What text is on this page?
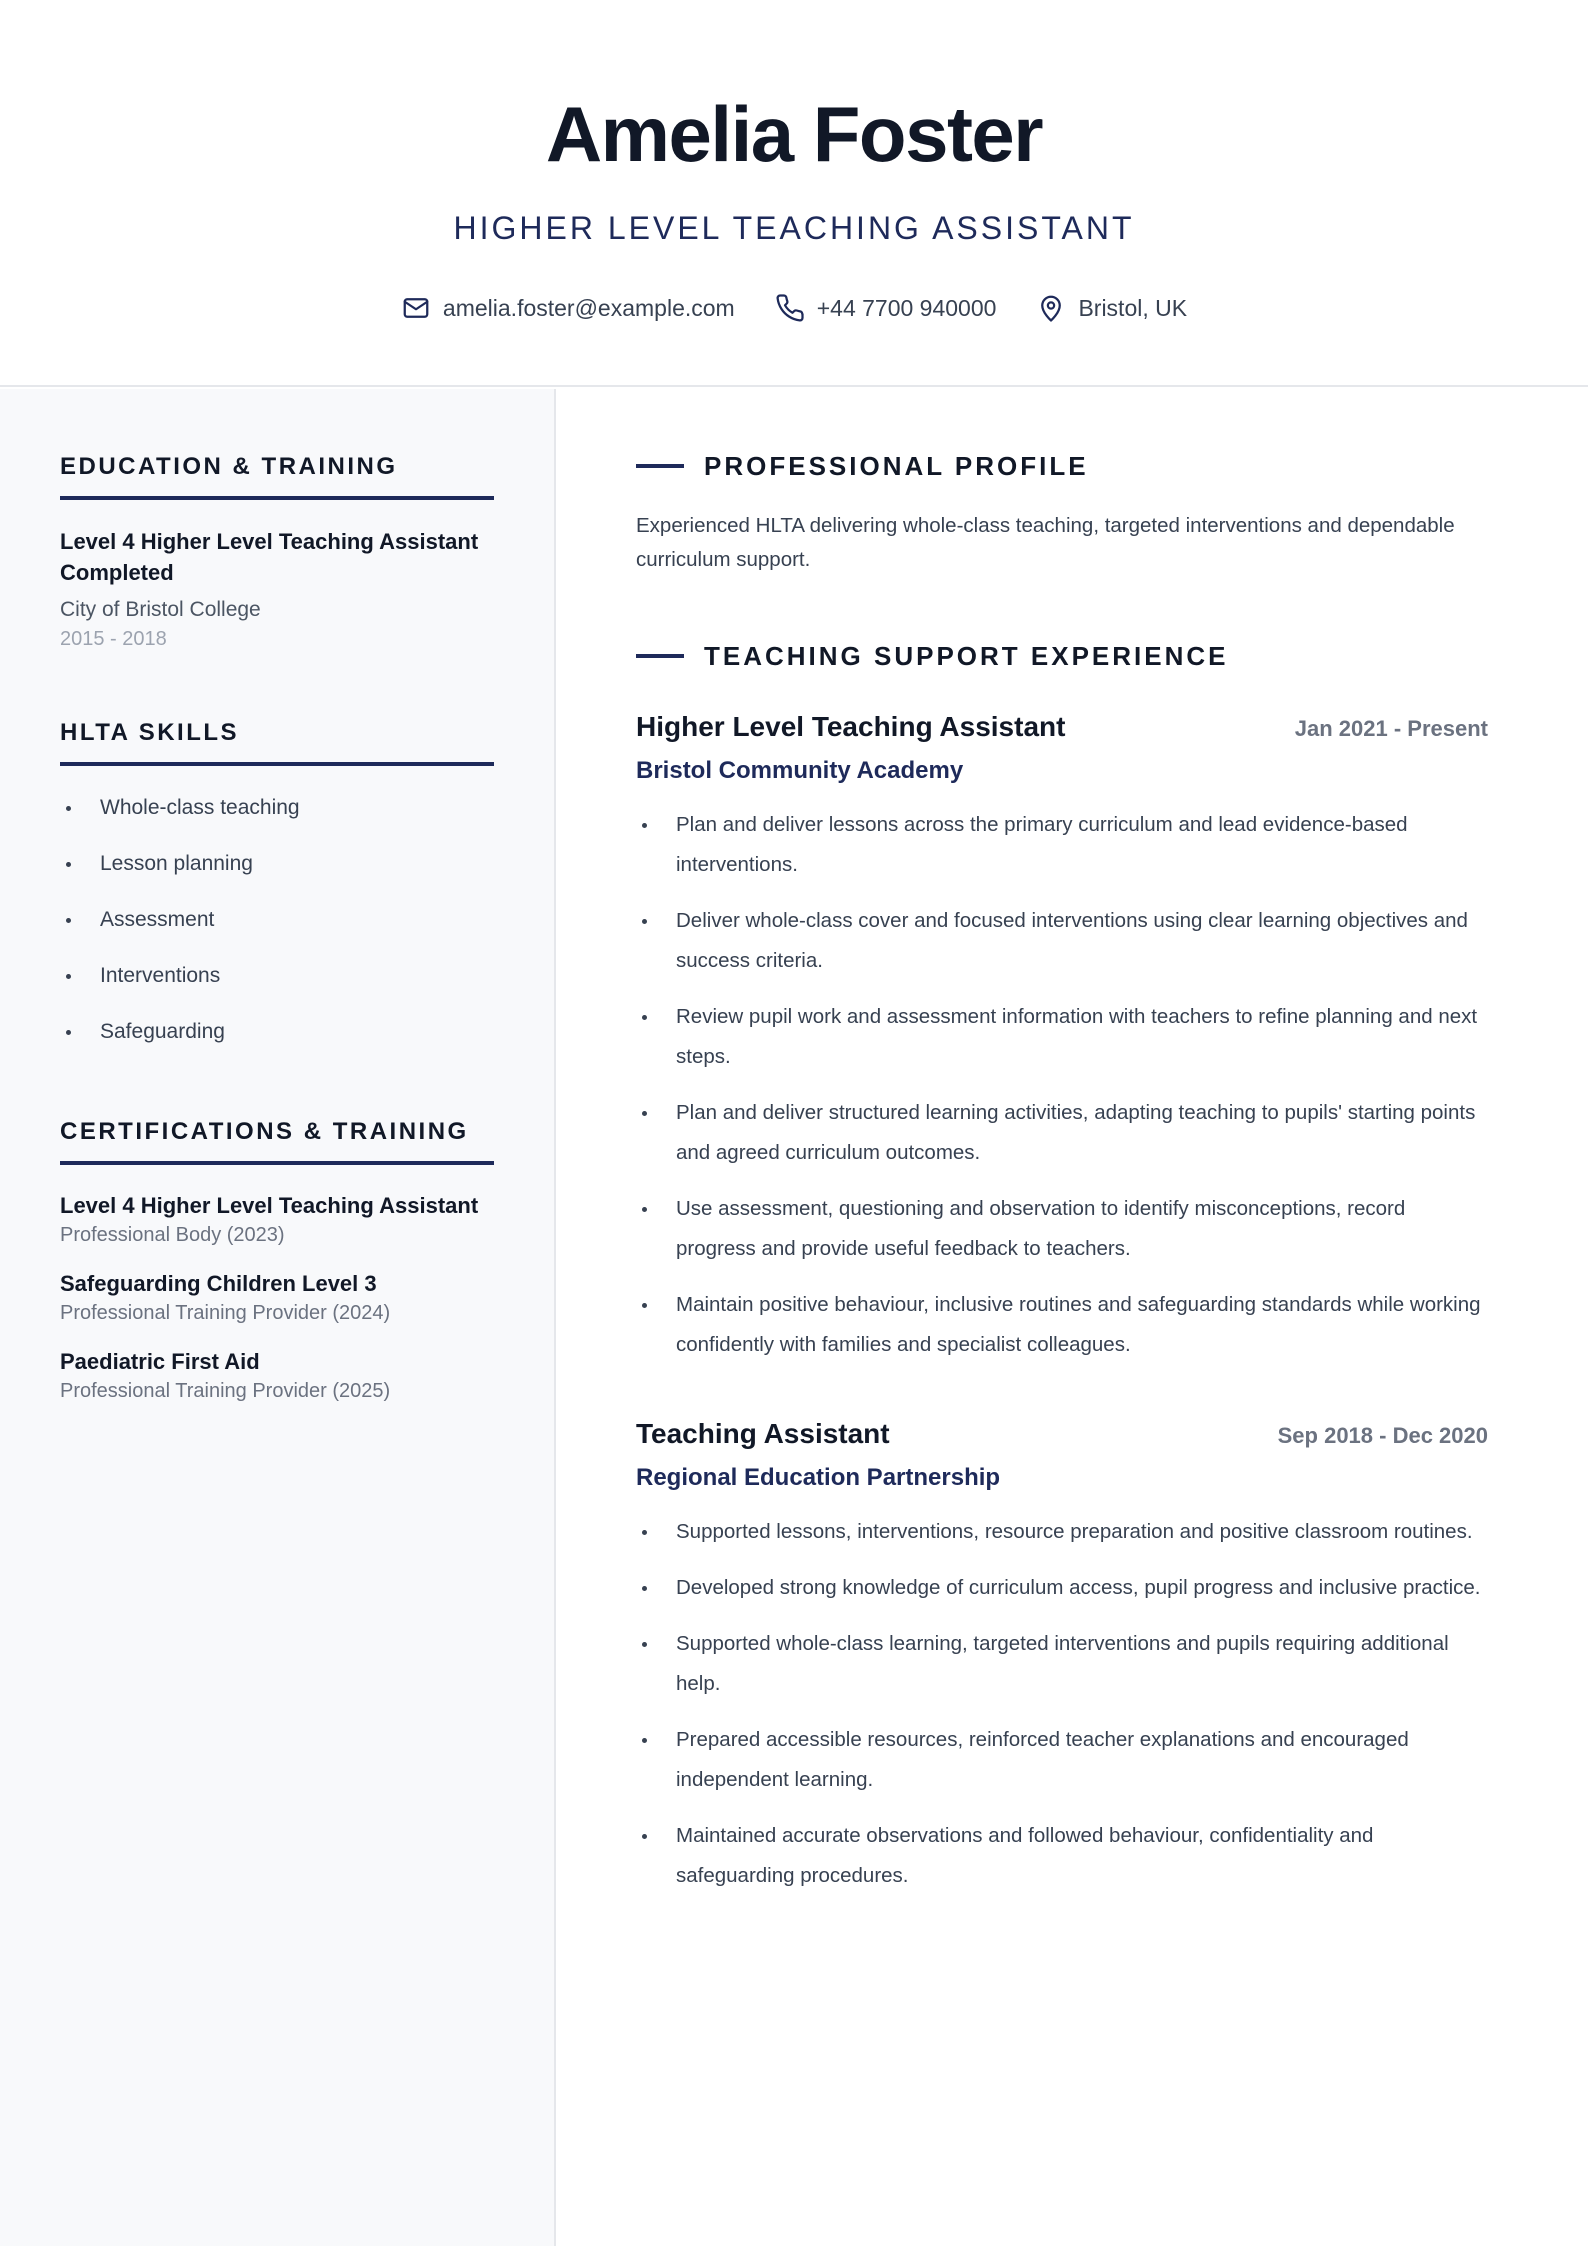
Amelia Foster
HIGHER LEVEL TEACHING ASSISTANT
amelia.foster@example.com	+44 7700 940000	Bristol, UK
EDUCATION & TRAINING
Level 4 Higher Level Teaching Assistant Completed
City of Bristol College
2015 - 2018
HLTA SKILLS
Whole-class teaching
Lesson planning
Assessment
Interventions
Safeguarding
CERTIFICATIONS & TRAINING
Level 4 Higher Level Teaching Assistant
Professional Body (2023)
Safeguarding Children Level 3
Professional Training Provider (2024)
Paediatric First Aid
Professional Training Provider (2025)
PROFESSIONAL PROFILE
Experienced HLTA delivering whole-class teaching, targeted interventions and dependable curriculum support.
TEACHING SUPPORT EXPERIENCE
Higher Level Teaching Assistant	Jan 2021 - Present
Bristol Community Academy
Plan and deliver lessons across the primary curriculum and lead evidence-based interventions.
Deliver whole-class cover and focused interventions using clear learning objectives and success criteria.
Review pupil work and assessment information with teachers to refine planning and next steps.
Plan and deliver structured learning activities, adapting teaching to pupils' starting points and agreed curriculum outcomes.
Use assessment, questioning and observation to identify misconceptions, record progress and provide useful feedback to teachers.
Maintain positive behaviour, inclusive routines and safeguarding standards while working confidently with families and specialist colleagues.
Teaching Assistant	Sep 2018 - Dec 2020
Regional Education Partnership
Supported lessons, interventions, resource preparation and positive classroom routines.
Developed strong knowledge of curriculum access, pupil progress and inclusive practice.
Supported whole-class learning, targeted interventions and pupils requiring additional help.
Prepared accessible resources, reinforced teacher explanations and encouraged independent learning.
Maintained accurate observations and followed behaviour, confidentiality and safeguarding procedures.
